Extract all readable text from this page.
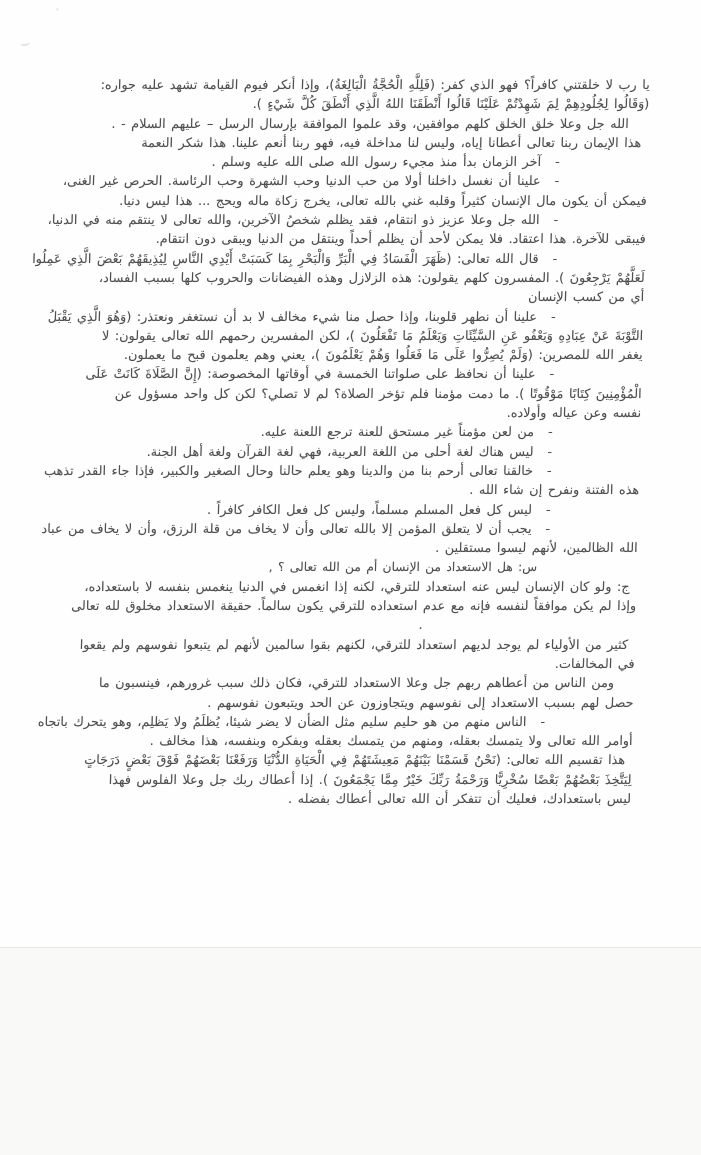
يا رب لا خلقتني كافراً؟ فهو الذي كفر: (فَلِلَّهِ الْحُجَّةُ الْبَالِغَةُ)، وإذا أنكر فيوم القيامة تشهد عليه جواره:
(وَقَالُوا لِجُلُودِهِمْ لِمَ شَهِدْتُمْ عَلَيْنَا قَالُوا أَنْطَقَنَا اللهُ الَّذِي أَنْطَقَ كُلَّ شَيْءٍ ).
الله جل وعلا خلق الخلق كلهم موافقين، وقد علموا الموافقة بإرسال الرسل – عليهم السلام - .
هذا الإيمان ربنا تعالى أعطانا إياه، وليس لنا مداخلة فيه، فهو ربنا أنعم علينا. هذا شكر النعمة
-آخر الزمان بدأ منذ مجيء رسول الله صلى الله عليه وسلم .
-علينا أن نغسل داخلنا أولا من حب الدنيا وحب الشهرة وحب الرئاسة. الحرص غير الغنى،
فيمكن أن يكون مال الإنسان كثيراً وقلبه غني بالله تعالى، يخرج زكاة ماله ويحج ... هذا ليس دنيا.
-الله جل وعلا عزيز ذو انتقام، فقد يظلم شخصُ الآخرين، والله تعالى لا ينتقم منه في الدنيا،
فيبقى للآخرة. هذا اعتقاد. فلا يمكن لأحد أن يظلم أحداً وينتقل من الدنيا ويبقى دون انتقام.
-قال الله تعالى: (ظَهَرَ الْفَسَادُ فِي الْبَرِّ وَالْبَحْرِ بِمَا كَسَبَتْ أَيْدِي النَّاسِ لِيُذِيقَهُمْ بَعْضَ الَّذِي عَمِلُوا
لَعَلَّهُمْ يَرْجِعُونَ ). المفسرون كلهم يقولون: هذه الزلازل وهذه الفيضانات والحروب كلها بسبب الفساد،
أي من كسب الإنسان
-علينا أن نطهر قلوبنا، وإذا حصل منا شيء مخالف لا بد أن نستغفر ونعتذر: (وَهُوَ الَّذِي يَقْبَلُ
التَّوْبَةَ عَنْ عِبَادِهِ وَيَعْفُو عَنِ السَّيِّئَاتِ وَيَعْلَمُ مَا تَفْعَلُونَ )، لكن المفسرين رحمهم الله تعالى يقولون: لا
يغفر الله للمصرين: (وَلَمْ يُصِرُّوا عَلَى مَا فَعَلُوا وَهُمْ يَعْلَمُونَ )، يعني وهم يعلمون قبح ما يعملون.
-علينا أن نحافظ على صلواتنا الخمسة في أوقاتها المخصوصة: (إِنَّ الصَّلَاةَ كَانَتْ عَلَى
الْمُؤْمِنِينَ كِتَابًا مَوْقُوتًا ). ما دمت مؤمنا فلم تؤخر الصلاة؟ لم لا تصلي؟ لكن كل واحد مسؤول عن
نفسه وعن عياله وأولاده.
-من لعن مؤمناً غير مستحق للعنة ترجع اللعنة عليه.
-ليس هناك لغة أحلى من اللغة العربية، فهي لغة القرآن ولغة أهل الجنة.
-خالقنا تعالى أرحم بنا من والدينا وهو يعلم حالنا وحال الصغير والكبير، فإذا جاء القدر تذهب
هذه الفتنة ونفرح إن شاء الله .
-ليس كل فعل المسلم مسلماً، وليس كل فعل الكافر كافراً .
-يجب أن لا يتعلق المؤمن إلا بالله تعالى وأن لا يخاف من قلة الرزق، وأن لا يخاف من عباد
الله الظالمين، لأنهم ليسوا مستقلين .
س: هل الاستعداد من الإنسان أم من الله تعالى ؟ ,
ج: ولو كان الإنسان ليس عنه استعداد للترقي، لكنه إذا انغمس في الدنيا ينغمس بنفسه لا باستعداده،
وإذا لم يكن موافقاً لنفسه فإنه مع عدم استعداده للترقي يكون سالماً. حقيقة الاستعداد مخلوق لله تعالى
.
كثير من الأولياء لم يوجد لديهم استعداد للترقي، لكنهم بقوا سالمين لأنهم لم يتبعوا نفوسهم ولم يقعوا
في المخالفات.
ومن الناس من أعطاهم ربهم جل وعلا الاستعداد للترقي، فكان ذلك سبب غرورهم، فينسبون ما
حصل لهم بسبب الاستعداد إلى نفوسهم ويتجاوزون عن الحد ويتبعون نفوسهم .
-الناس منهم من هو حليم سليم مثل الضأن لا يضر شيئا، يُظلَمُ ولا يَظلِم، وهو يتحرك باتجاه
أوامر الله تعالى ولا يتمسك بعقله، ومنهم من يتمسك بعقله وبفكره وبنفسه، هذا مخالف .
هذا تقسيم الله تعالى: (نَحْنُ قَسَمْنَا بَيْنَهُمْ مَعِيشَتَهُمْ فِي الْحَيَاةِ الدُّنْيَا وَرَفَعْنَا بَعْضَهُمْ فَوْقَ بَعْضٍ دَرَجَاتٍ
لِيَتَّخِذَ بَعْضُهُمْ بَعْضًا سُخْرِيًّا وَرَحْمَةُ رَبِّكَ خَيْرٌ مِمَّا يَجْمَعُونَ ). إذا أعطاك ربك جل وعلا الفلوس فهذا
ليس باستعدادك، فعليك أن تتفكر أن الله تعالى أعطاك بفضله .
